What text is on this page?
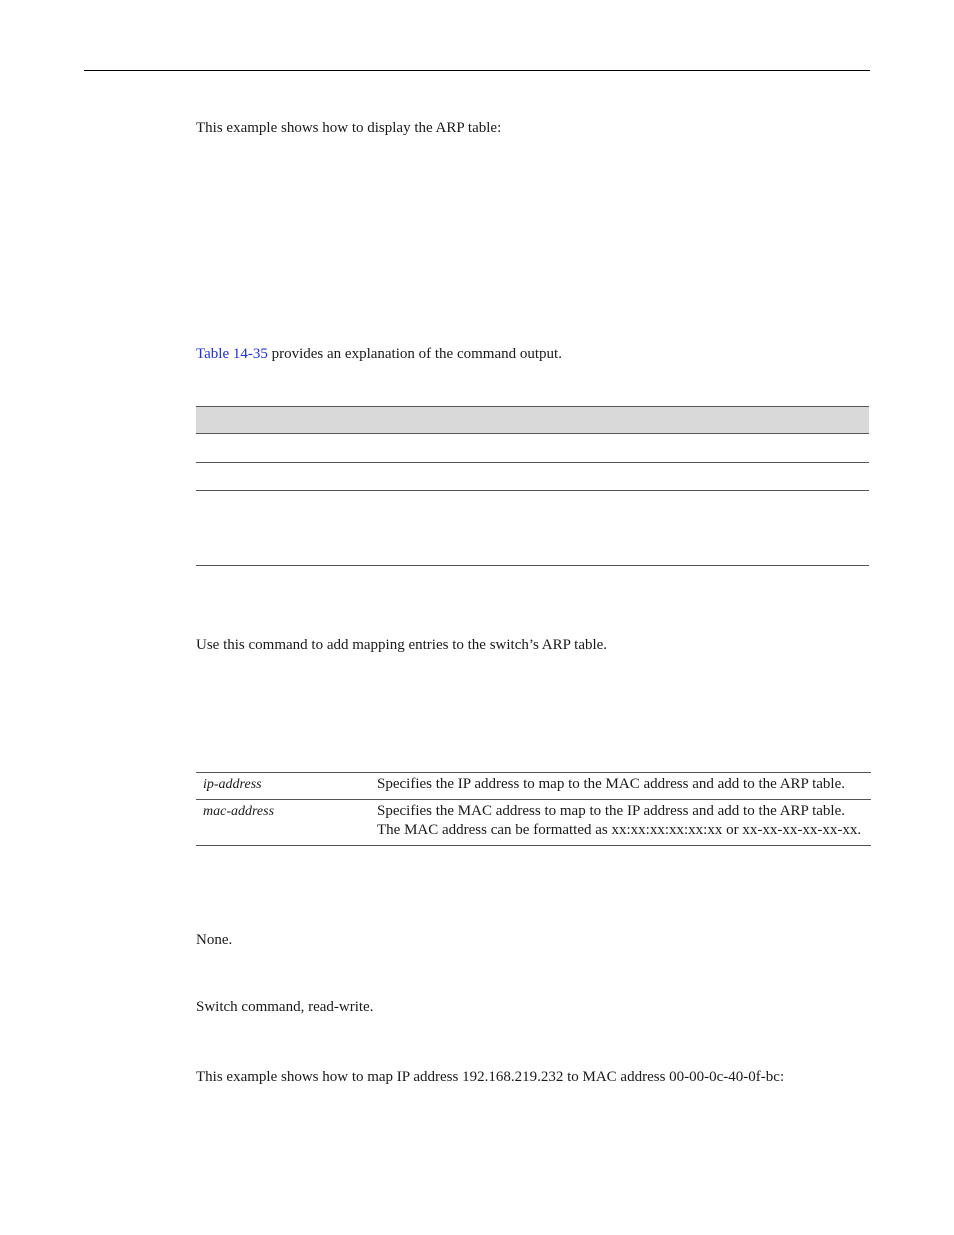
This example shows how to display the ARP table:

Table 14-35 provides an explanation of the command output.

Use this command to add mapping entries to the switch’s ARP table.

ip-address	Specifies the IP address to map to the MAC address and add to the ARP table.
mac-address	Specifies the MAC address to map to the IP address and add to the ARP table. The MAC address can be formatted as xx:xx:xx:xx:xx:xx or xx-xx-xx-xx-xx-xx.

None.

Switch command, read-write.

This example shows how to map IP address 192.168.219.232 to MAC address 00-00-0c-40-0f-bc:
